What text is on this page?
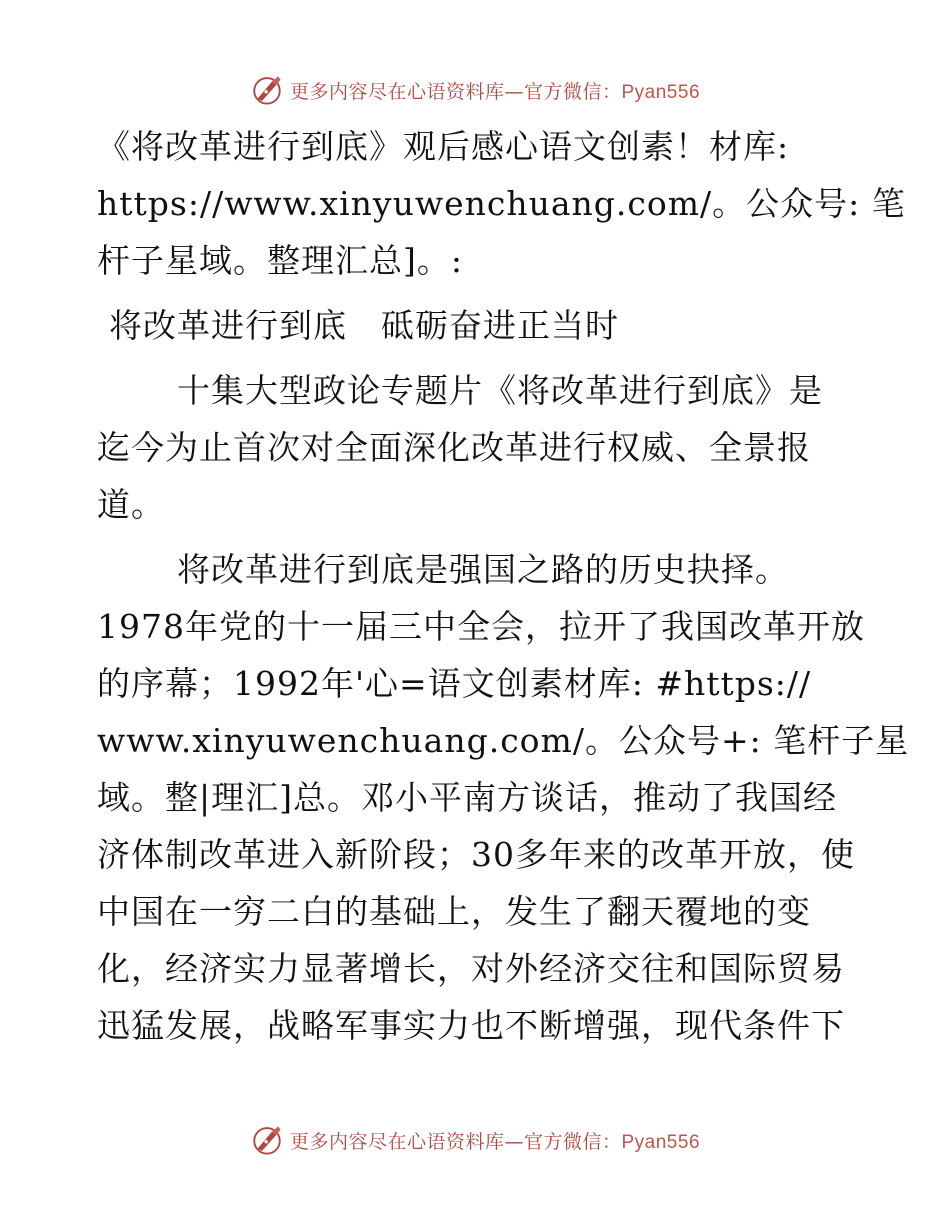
更多内容尽在心语资料库—官方微信：Pyan556

《将改革进行到底》观后感心语文创素！材库:
https://www.xinyuwenchuang.com/。公众号: 笔
杆子星域。整理汇总]。:

将改革进行到底　砥砺奋进正当时

十集大型政论专题片《将改革进行到底》是
迄今为止首次对全面深化改革进行权威、全景报
道。

将改革进行到底是强国之路的历史抉择。
1978年党的十一届三中全会，拉开了我国改革开放
的序幕；1992年'心=语文创素材库: #https://
www.xinyuwenchuang.com/。公众号+: 笔杆子星
域。整|理汇]总。邓小平南方谈话，推动了我国经
济体制改革进入新阶段；30多年来的改革开放，使
中国在一穷二白的基础上，发生了翻天覆地的变
化，经济实力显著增长，对外经济交往和国际贸易
迅猛发展，战略军事实力也不断增强，现代条件下

更多内容尽在心语资料库—官方微信：Pyan556
